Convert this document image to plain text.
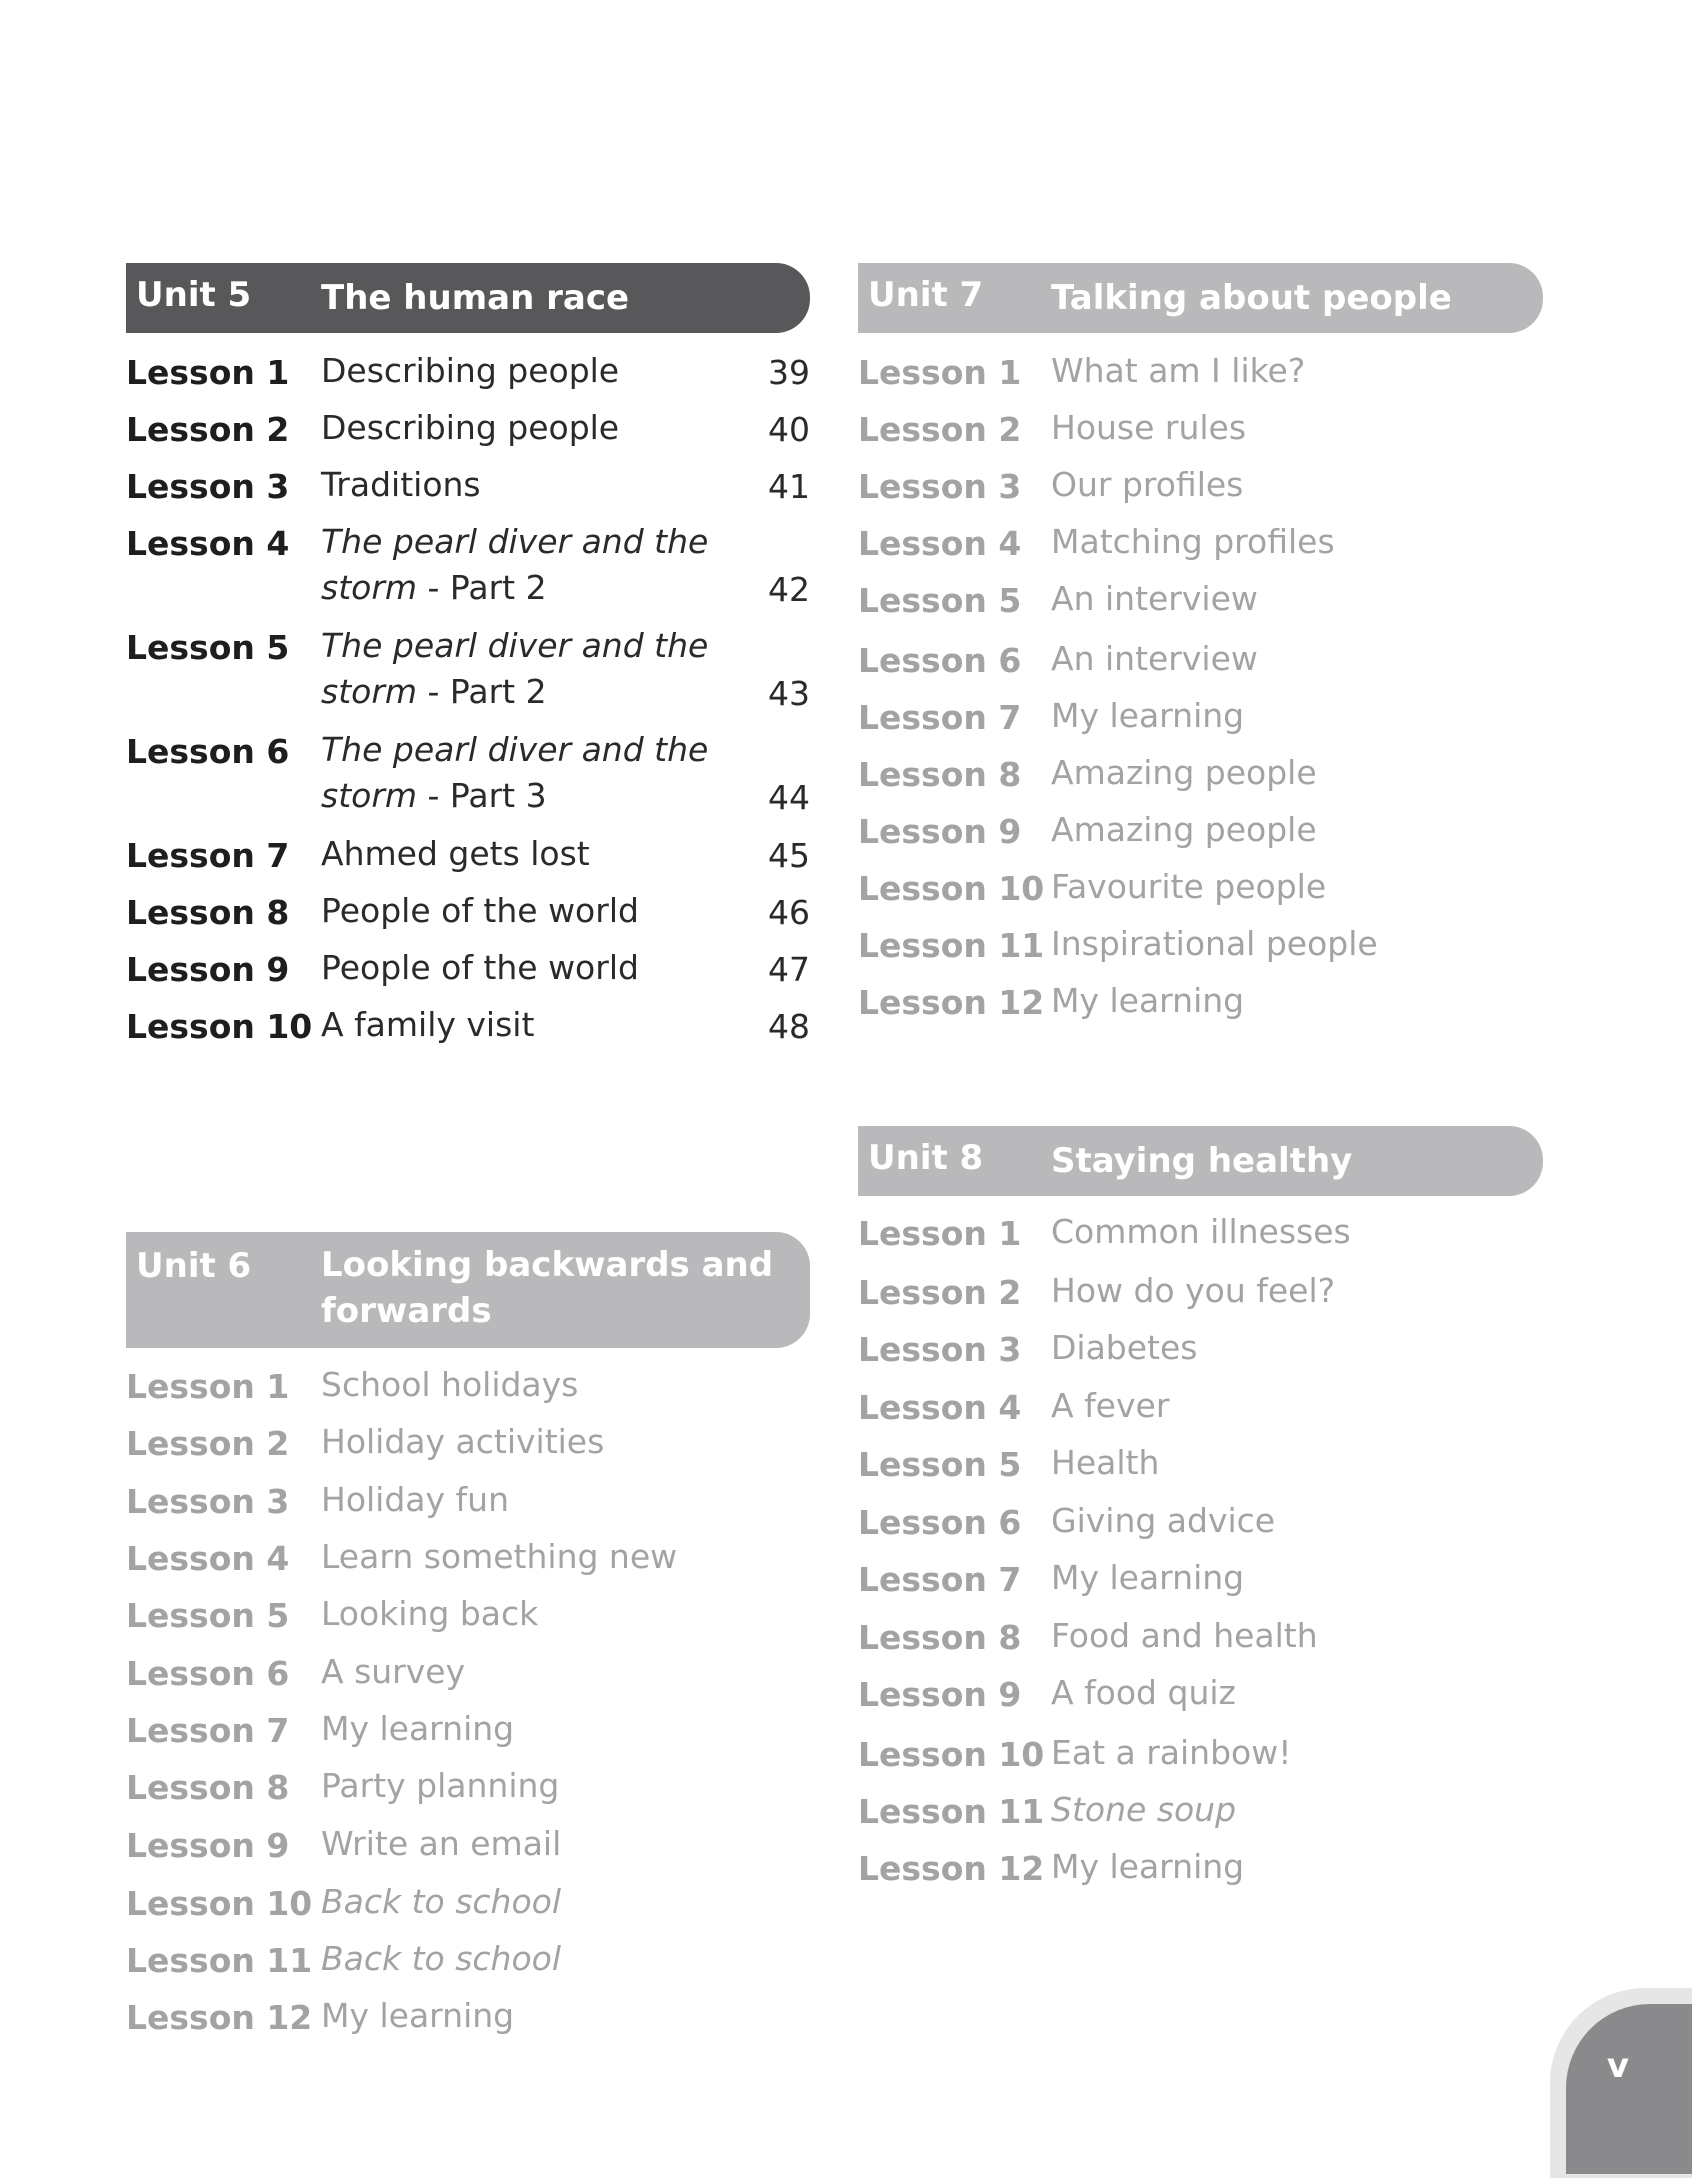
Unit 5 The human race
Lesson 1 Describing people	39
Lesson 2 Describing people	40
Lesson 3 Traditions	41
Lesson 4 The pearl diver and the
storm - Part 2	42
Lesson 5 The pearl diver and the
storm - Part 2	43
Lesson 6 The pearl diver and the
storm - Part 3	44
Lesson 7 Ahmed gets lost	45
Lesson 8 People of the world	46
Lesson 9 People of the world	47
Lesson 10 A family visit	48
Unit 6 Looking backwards and
forwards
Lesson 1 School holidays
Lesson 2 Holiday activities
Lesson 3 Holiday fun
Lesson 4 Learn something new
Lesson 5 Looking back
Lesson 6 A survey
Lesson 7 My learning
Lesson 8 Party planning
Lesson 9 Write an email
Lesson 10 Back to school
Lesson 11 Back to school
Lesson 12 My learning
Unit 7 Talking about people
Lesson 1 What am I like?
Lesson 2 House rules
Lesson 3 Our profiles
Lesson 4 Matching profiles
Lesson 5 An interview
Lesson 6 An interview
Lesson 7 My learning
Lesson 8 Amazing people
Lesson 9 Amazing people
Lesson 10 Favourite people
Lesson 11 Inspirational people
Lesson 12 My learning
Unit 8 Staying healthy
Lesson 1 Common illnesses
Lesson 2 How do you feel?
Lesson 3 Diabetes
Lesson 4 A fever
Lesson 5 Health
Lesson 6 Giving advice
Lesson 7 My learning
Lesson 8 Food and health
Lesson 9 A food quiz
Lesson 10 Eat a rainbow!
Lesson 11 Stone soup
Lesson 12 My learning
v
